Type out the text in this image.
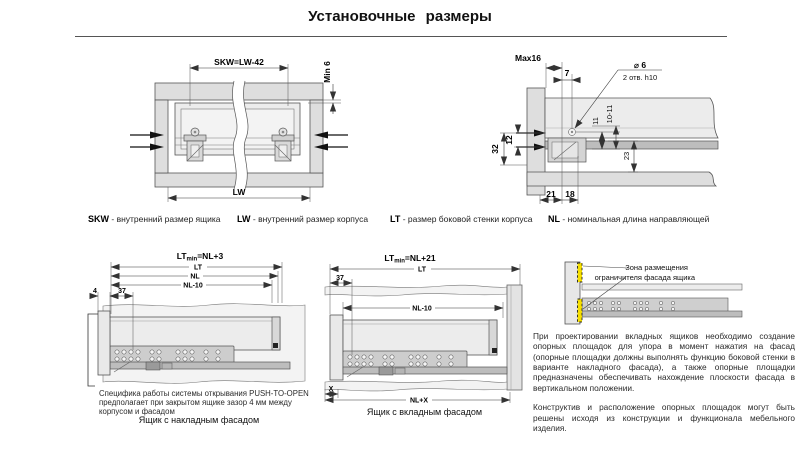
Установочные размеры
SKW=LW-42	Min 6
LW
Max16
7
⌀ 6
2 отв. h10
12
32
11 10-11
23
21 18
SKW - внутренний размер ящика LW - внутренний размер корпуса LT - размер боковой стенки корпуса NL - номинальная длина направляющей
LTmin=NL+3
LT
NL
NL-10
4	37
Специфика работы системы открывания PUSH-TO-OPEN предполагает при закрытом ящике зазор 4 мм между корпусом и фасадом
Ящик с накладным фасадом
LTmin=NL+21
LT
37
NL-10
X
NL+X
Ящик с вкладным фасадом
Зона размещения
ограничителя фасада ящика

При проектировании вкладных ящиков необходимо создание опорных площадок для упора в момент нажатия на фасад (опорные площадки должны выполнять функцию боковой стенки в варианте накладного фасада), а также опорные площадки предназначены обеспечивать нахождение плоскости фасада в вертикальном положении.

Конструктив и расположение опорных площадок могут быть решены исходя из конструкции и функционала мебельного изделия.
